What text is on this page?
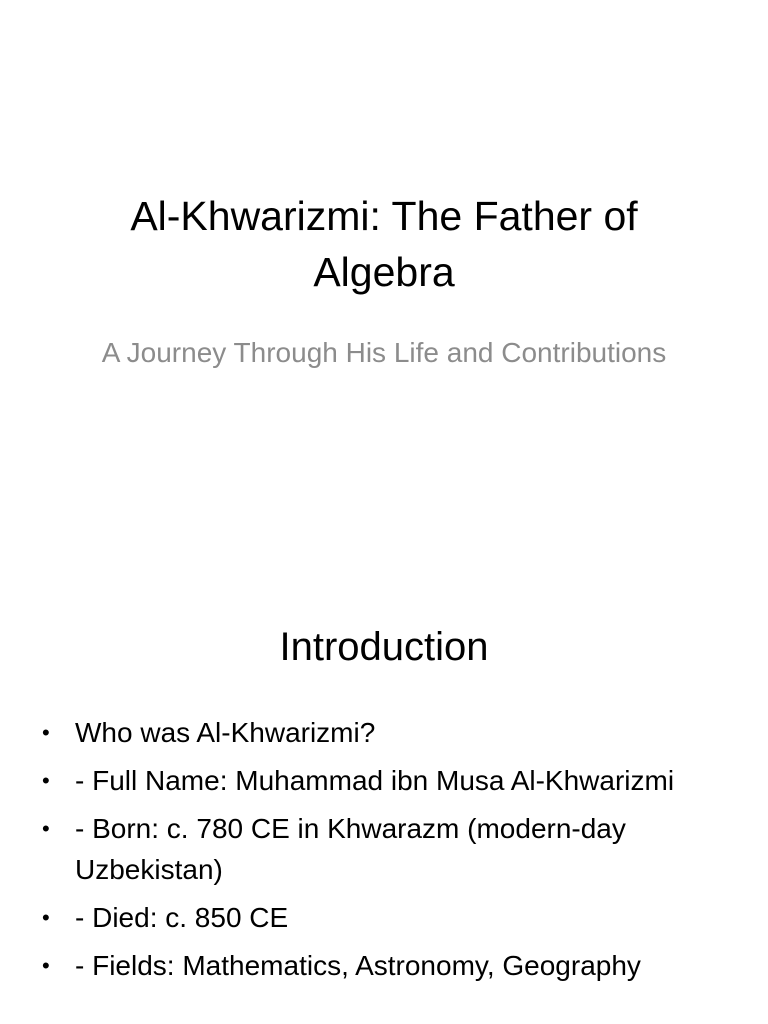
Al-Khwarizmi: The Father of Algebra
A Journey Through His Life and Contributions
Introduction
• Who was Al-Khwarizmi?
• - Full Name: Muhammad ibn Musa Al-Khwarizmi
• - Born: c. 780 CE in Khwarazm (modern-day Uzbekistan)
• - Died: c. 850 CE
• - Fields: Mathematics, Astronomy, Geography
